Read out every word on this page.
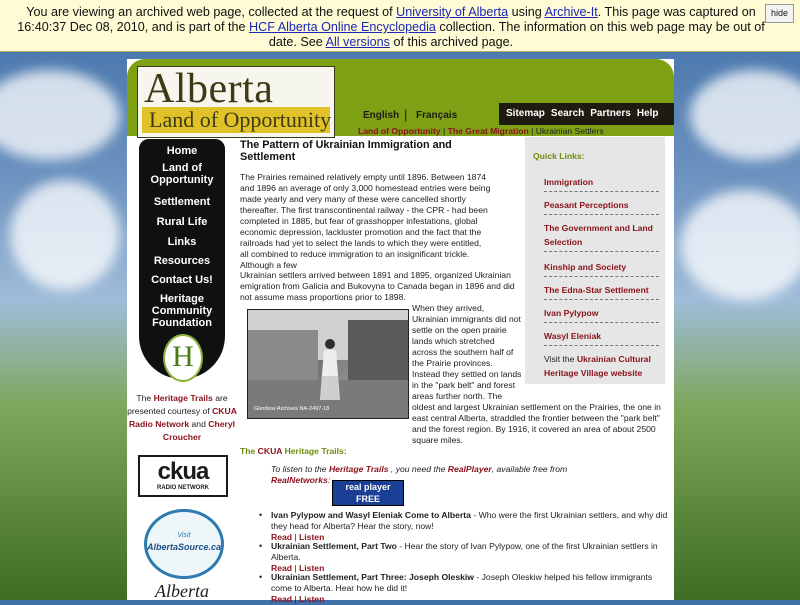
You are viewing an archived web page, collected at the request of University of Alberta using Archive-It. This page was captured on 16:40:37 Dec 08, 2010, and is part of the HCF Alberta Online Encyclopedia collection. The information on this web page may be out of date. See All versions of this archived page.
hide
Alberta
Land of Opportunity	English | Français	Sitemap Search Partners Help
Land of Opportunity | The Great Migration | Ukrainian Settlers
Home
Land of Opportunity
Settlement
Rural Life
Links
Resources
Contact Us!
Heritage Community Foundation
H
The Heritage Trails are presented courtesy of CKUA Radio Network and Cheryl Croucher
ckua
RADIO NETWORK
Visit
AlbertaSource.ca
Alberta
The Pattern of Ukrainian Immigration and Settlement
The Prairies remained relatively empty until 1896. Between 1874 and 1896 an average of only 3,000 homestead entries were being made yearly and very many of these were cancelled shortly thereafter. The first transcontinental railway - the CPR - had been completed in 1885, but fear of grasshopper infestations, global economic depression, lackluster promotion and the fact that the railroads had yet to select the lands to which they were entitled, all combined to reduce immigration to an insignificant trickle. Although a few
Ukrainian settlers arrived between 1891 and 1895, organized Ukrainian emigration from Galicia and Bukovyna to Canada began in 1896 and did not assume mass proportions prior to 1898.
When they arrived, Ukrainian immigrants did not settle on the open prairie lands which stretched across the southern half of the Prairie provinces. Instead they settled on lands in the "park belt" and forest areas further north. The
oldest and largest Ukrainian settlement on the Prairies, the one in east central Alberta, straddled the frontier between the "park belt" and the forest region. By 1916, it covered an area of about 2500 square miles.
Glenbow Archives NA-2497-18
The CKUA Heritage Trails:
To listen to the Heritage Trails , you need the RealPlayer, available free from
RealNetworks:
real player FREE
• Ivan Pylypow and Wasyl Eleniak Come to Alberta - Who were the first Ukrainian settlers, and why did they head for Alberta? Hear the story, now!
Read | Listen
• Ukrainian Settlement, Part Two - Hear the story of Ivan Pylypow, one of the first Ukrainian settlers in Alberta.
Read | Listen
• Ukrainian Settlement, Part Three: Joseph Oleskiw - Joseph Oleskiw helped his fellow immigrants come to Alberta. Hear how he did it!
Read | Listen
Quick Links:
Immigration
Peasant Perceptions
The Government and Land Selection
Kinship and Society
The Edna-Star Settlement
Ivan Pylypow
Wasyl Eleniak
Visit the Ukrainian Cultural Heritage Village website
